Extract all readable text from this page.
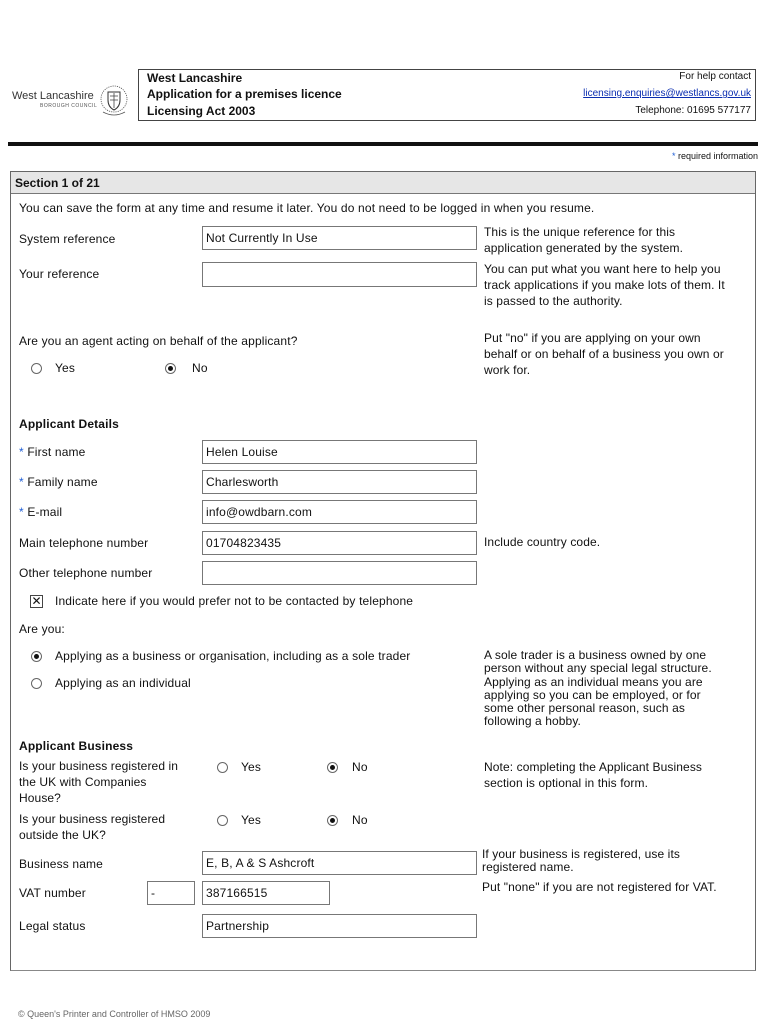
West Lancashire
BOROUGH COUNCIL
West Lancashire
Application for a premises licence
Licensing Act 2003
For help contact
licensing.enquiries@westlancs.gov.uk
Telephone: 01695 577177
* required information
Section 1 of 21
You can save the form at any time and resume it later. You do not need to be logged in when you resume.
System reference	Not Currently In Use	This is the unique reference for this
application generated by the system.
Your reference	You can put what you want here to help you
track applications if you make lots of them. It
is passed to the authority.
Are you an agent acting on behalf of the applicant?
Yes	No
Put "no" if you are applying on your own
behalf or on behalf of a business you own or
work for.
Applicant Details
* First name	Helen Louise
* Family name	Charlesworth
* E-mail	info@owdbarn.com
Main telephone number	01704823435	Include country code.
Other telephone number
✕ Indicate here if you would prefer not to be contacted by telephone
Are you:
Applying as a business or organisation, including as a sole trader
Applying as an individual
A sole trader is a business owned by one
person without any special legal structure.
Applying as an individual means you are
applying so you can be employed, or for
some other personal reason, such as
following a hobby.
Applicant Business
Is your business registered in
the UK with Companies
House?
Yes	No	Note: completing the Applicant Business
section is optional in this form.
Is your business registered
outside the UK?
Yes	No
Business name	E, B, A & S Ashcroft
If your business is registered, use its
registered name.
VAT number	-	387166515	Put "none" if you are not registered for VAT.
Legal status	Partnership
© Queen's Printer and Controller of HMSO 2009
